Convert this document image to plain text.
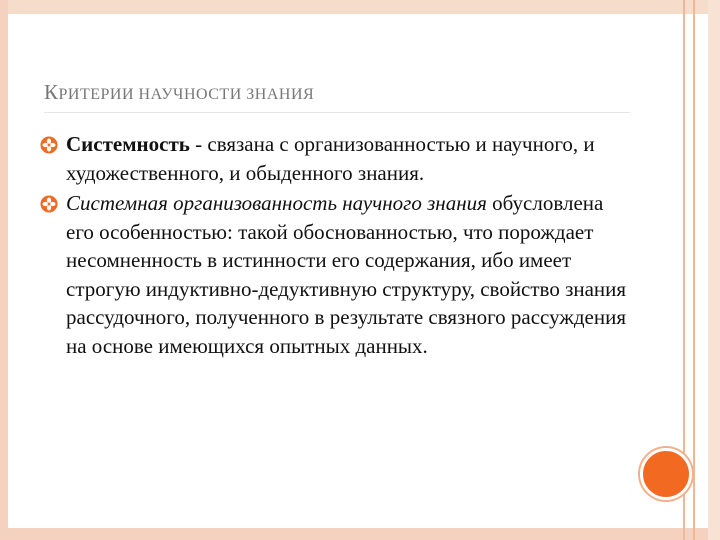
КРИТЕРИИ НАУЧНОСТИ ЗНАНИЯ
Системность - связана с организованностью и научного, и художественного, и обыденного знания.
Системная организованность научного знания обусловлена его особенностью: такой обоснованностью, что порождает несомненность в истинности его содержания, ибо имеет строгую индуктивно-дедуктивную структуру, свойство знания рассудочного, полученного в результате связного рассуждения на основе имеющихся опытных данных.
